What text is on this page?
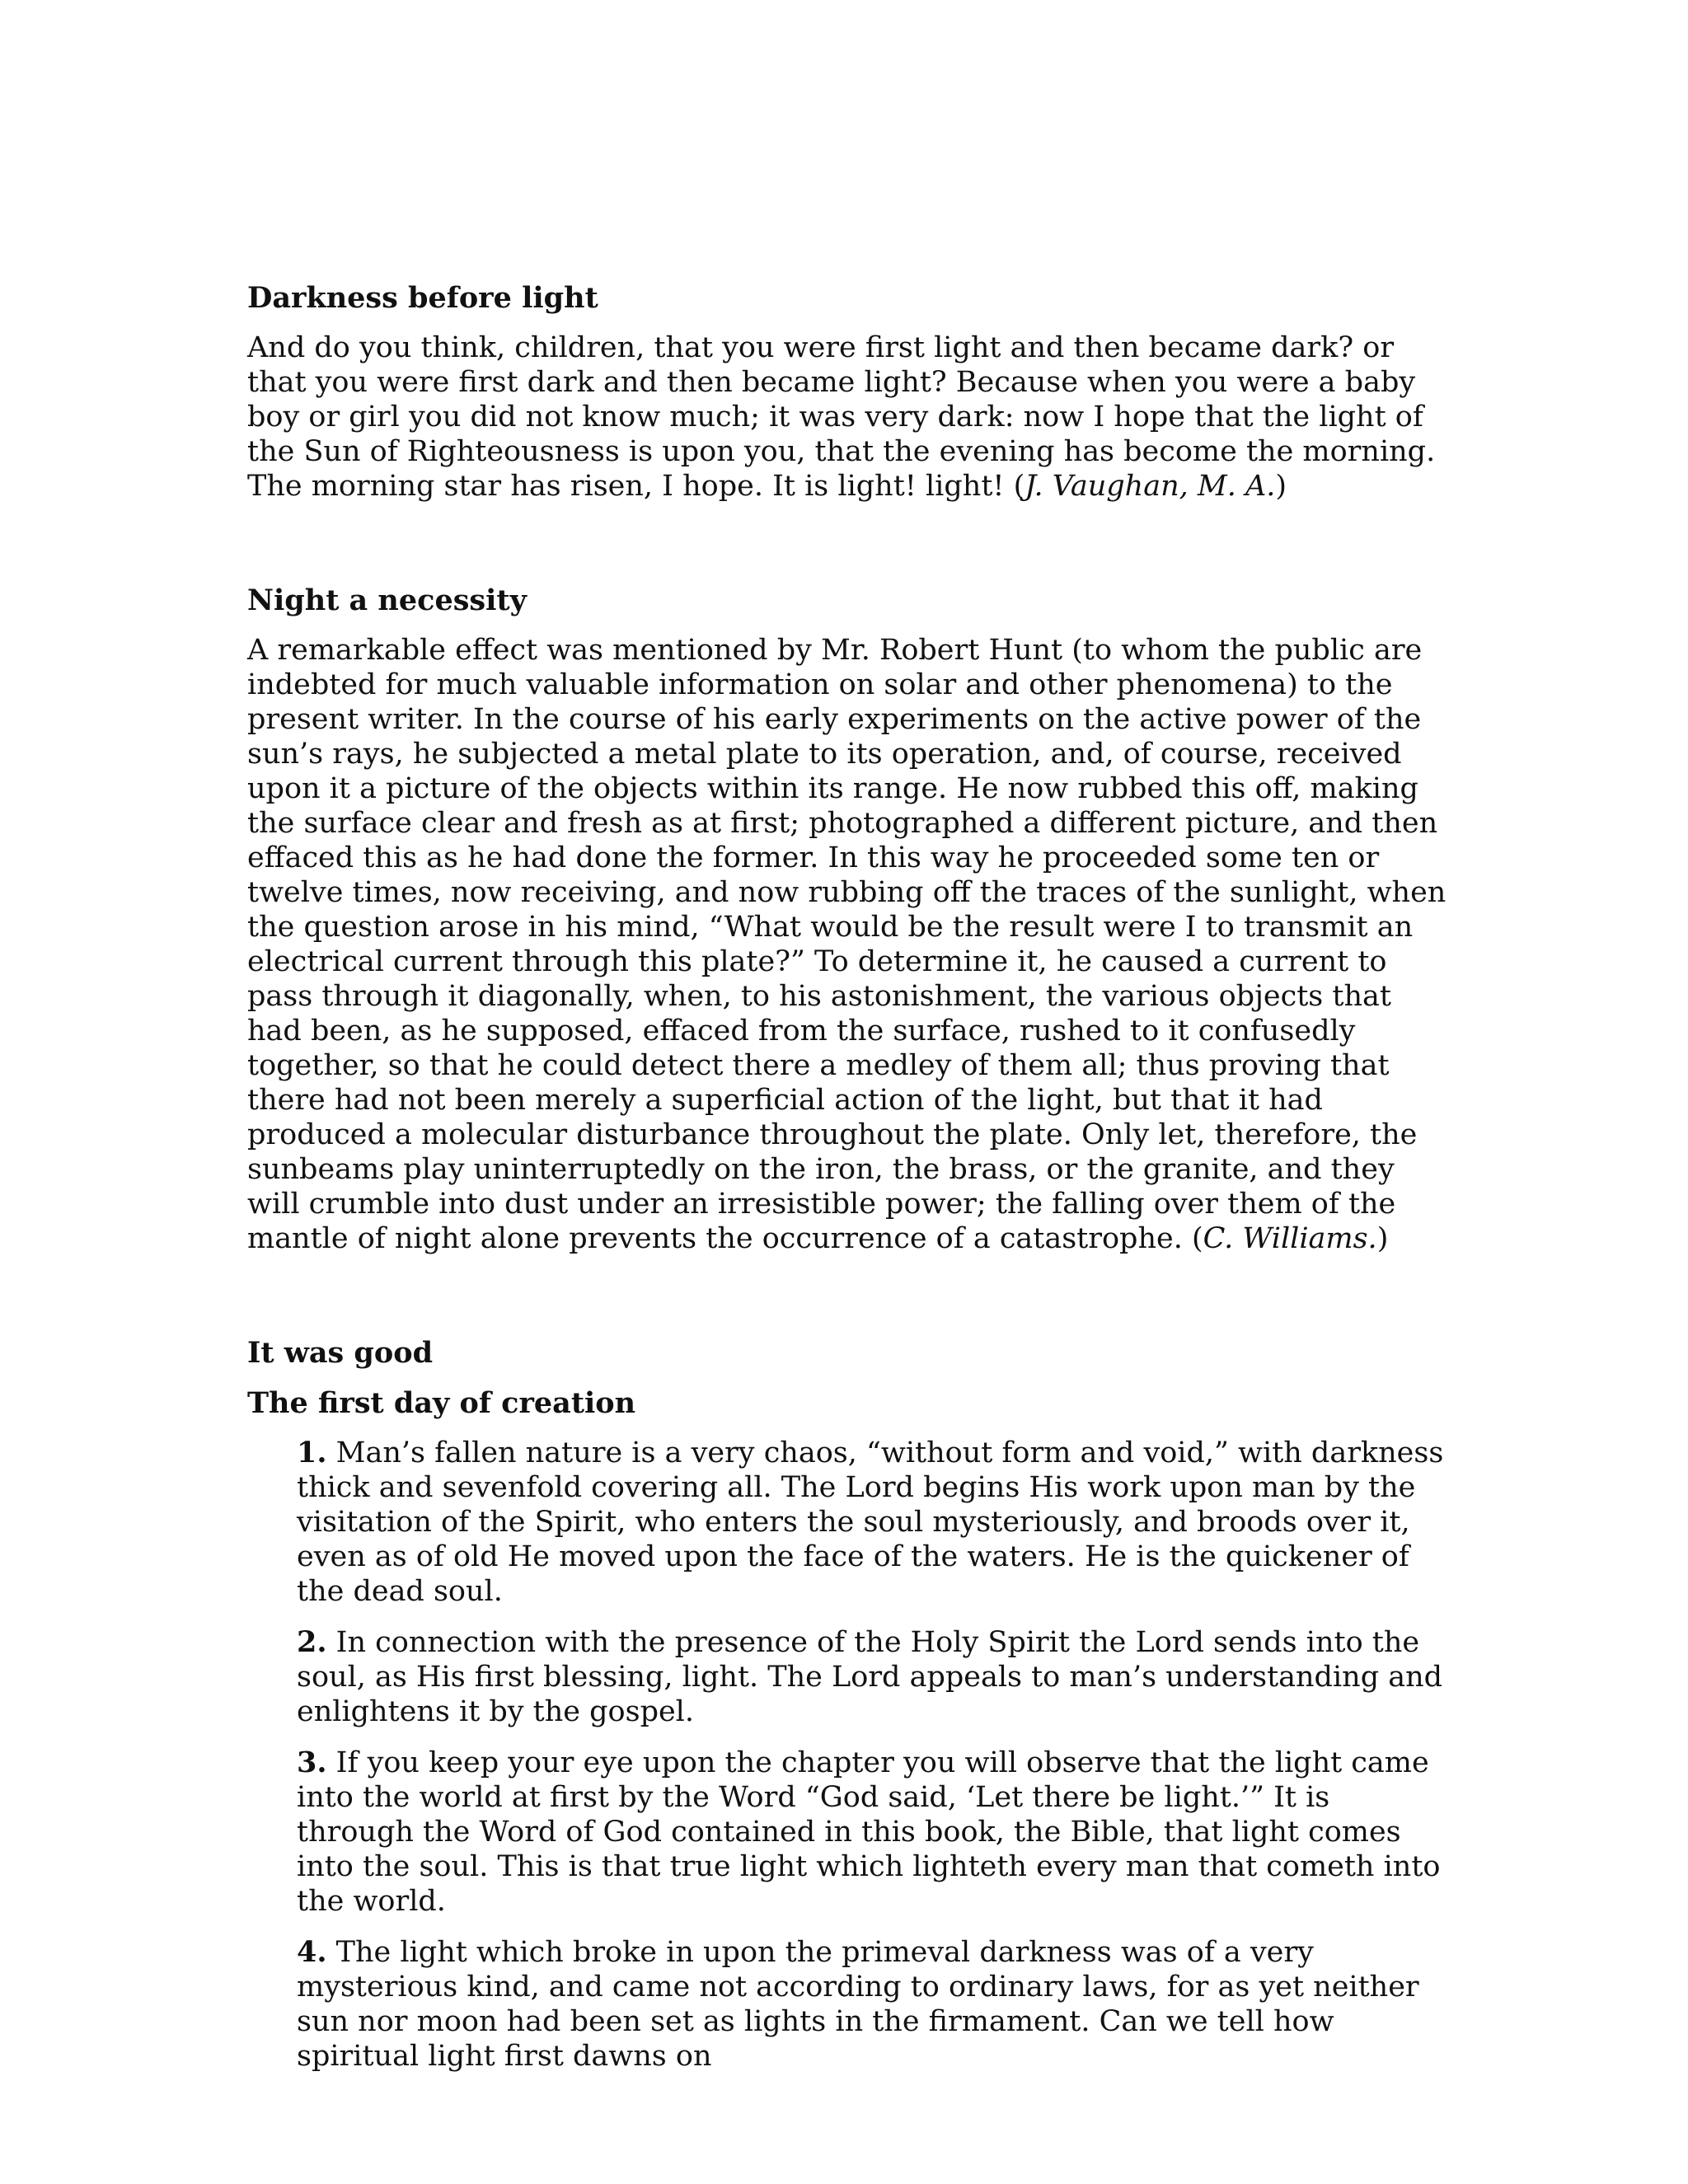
Darkness before light

And do you think, children, that you were first light and then became dark? or that you were first dark and then became light? Because when you were a baby boy or girl you did not know much; it was very dark: now I hope that the light of the Sun of Righteousness is upon you, that the evening has become the morning. The morning star has risen, I hope. It is light! light! (J. Vaughan, M. A.)

Night a necessity

A remarkable effect was mentioned by Mr. Robert Hunt (to whom the public are indebted for much valuable information on solar and other phenomena) to the present writer. In the course of his early experiments on the active power of the sun’s rays, he subjected a metal plate to its operation, and, of course, received upon it a picture of the objects within its range. He now rubbed this off, making the surface clear and fresh as at first; photographed a different picture, and then effaced this as he had done the former. In this way he proceeded some ten or twelve times, now receiving, and now rubbing off the traces of the sunlight, when the question arose in his mind, “What would be the result were I to transmit an electrical current through this plate?” To determine it, he caused a current to pass through it diagonally, when, to his astonishment, the various objects that had been, as he supposed, effaced from the surface, rushed to it confusedly together, so that he could detect there a medley of them all; thus proving that there had not been merely a superficial action of the light, but that it had produced a molecular disturbance throughout the plate. Only let, therefore, the sunbeams play uninterruptedly on the iron, the brass, or the granite, and they will crumble into dust under an irresistible power; the falling over them of the mantle of night alone prevents the occurrence of a catastrophe. (C. Williams.)

It was good
The first day of creation
1. Man’s fallen nature is a very chaos, “without form and void,” with darkness thick and sevenfold covering all. The Lord begins His work upon man by the visitation of the Spirit, who enters the soul mysteriously, and broods over it, even as of old He moved upon the face of the waters. He is the quickener of the dead soul.
2. In connection with the presence of the Holy Spirit the Lord sends into the soul, as His first blessing, light. The Lord appeals to man’s understanding and enlightens it by the gospel.
3. If you keep your eye upon the chapter you will observe that the light came into the world at first by the Word “God said, ‘Let there be light.’” It is through the Word of God contained in this book, the Bible, that light comes into the soul. This is that true light which lighteth every man that cometh into the world.
4. The light which broke in upon the primeval darkness was of a very mysterious kind, and came not according to ordinary laws, for as yet neither sun nor moon had been set as lights in the firmament. Can we tell how spiritual light first dawns on
